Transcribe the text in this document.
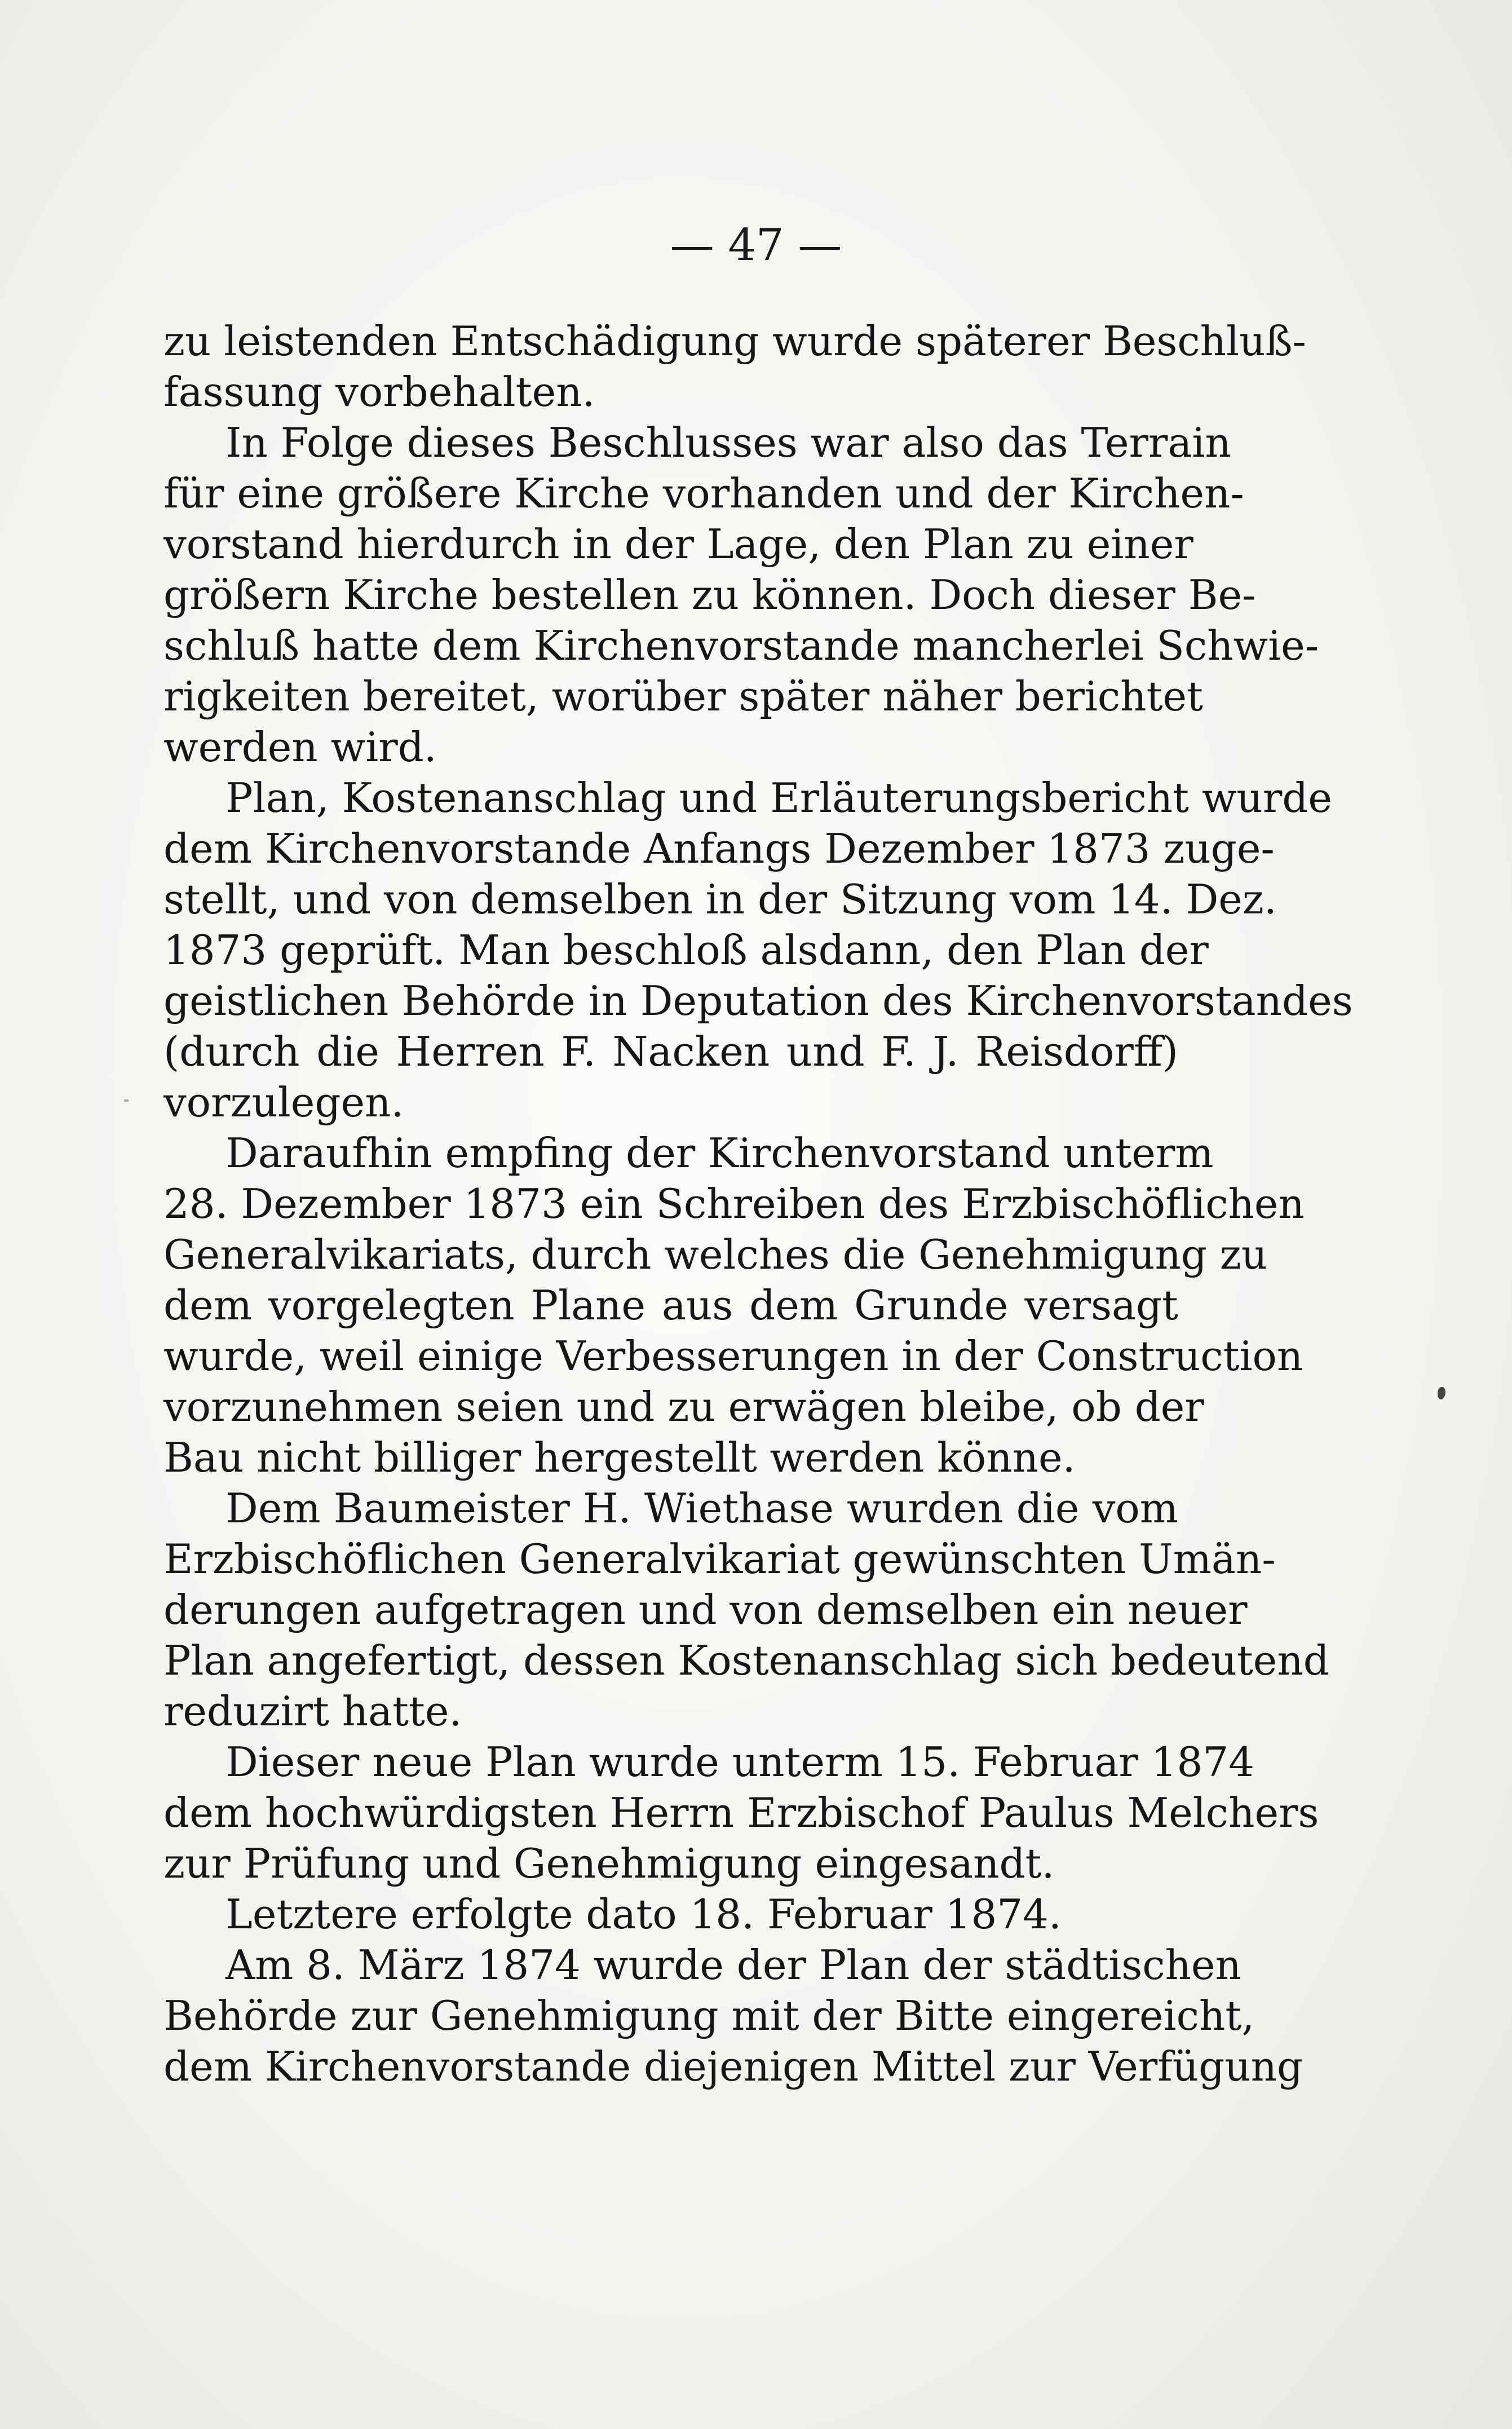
— 47 —
zu leistenden Entschädigung wurde späterer Beschluß-
fassung vorbehalten.
In Folge dieses Beschlusses war also das Terrain
für eine größere Kirche vorhanden und der Kirchen-
vorstand hierdurch in der Lage, den Plan zu einer
größern Kirche bestellen zu können. Doch dieser Be-
schluß hatte dem Kirchenvorstande mancherlei Schwie-
rigkeiten bereitet, worüber später näher berichtet
werden wird.
Plan, Kostenanschlag und Erläuterungsbericht wurde
dem Kirchenvorstande Anfangs Dezember 1873 zuge-
stellt, und von demselben in der Sitzung vom 14. Dez.
1873 geprüft. Man beschloß alsdann, den Plan der
geistlichen Behörde in Deputation des Kirchenvorstandes
(durch die Herren F. Nacken und F. J. Reisdorff)
vorzulegen.
Daraufhin empfing der Kirchenvorstand unterm
28. Dezember 1873 ein Schreiben des Erzbischöflichen
Generalvikariats, durch welches die Genehmigung zu
dem vorgelegten Plane aus dem Grunde versagt
wurde, weil einige Verbesserungen in der Construction
vorzunehmen seien und zu erwägen bleibe, ob der
Bau nicht billiger hergestellt werden könne.
Dem Baumeister H. Wiethase wurden die vom
Erzbischöflichen Generalvikariat gewünschten Umän-
derungen aufgetragen und von demselben ein neuer
Plan angefertigt, dessen Kostenanschlag sich bedeutend
reduzirt hatte.
Dieser neue Plan wurde unterm 15. Februar 1874
dem hochwürdigsten Herrn Erzbischof Paulus Melchers
zur Prüfung und Genehmigung eingesandt.
Letztere erfolgte dato 18. Februar 1874.
Am 8. März 1874 wurde der Plan der städtischen
Behörde zur Genehmigung mit der Bitte eingereicht,
dem Kirchenvorstande diejenigen Mittel zur Verfügung
